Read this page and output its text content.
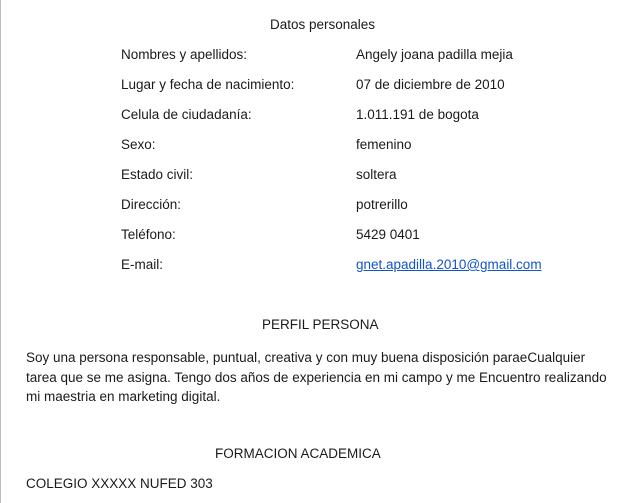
Datos personales
Nombres y apellidos:	Angely joana padilla mejia
Lugar y fecha de nacimiento:	07 de diciembre de 2010
Celula de ciudadanía:	1.011.191 de bogota
Sexo:	femenino
Estado civil:	soltera
Dirección:	potrerillo
Teléfono:	5429 0401
E-mail:	gnet.apadilla.2010@gmail.com
PERFIL PERSONA
Soy una persona responsable, puntual, creativa y con muy buena disposición paraeCualquier tarea que se me asigna. Tengo dos años de experiencia en mi campo y me Encuentro realizando mi maestria en marketing digital.
FORMACION ACADEMICA
COLEGIO XXXXX NUFED 303
